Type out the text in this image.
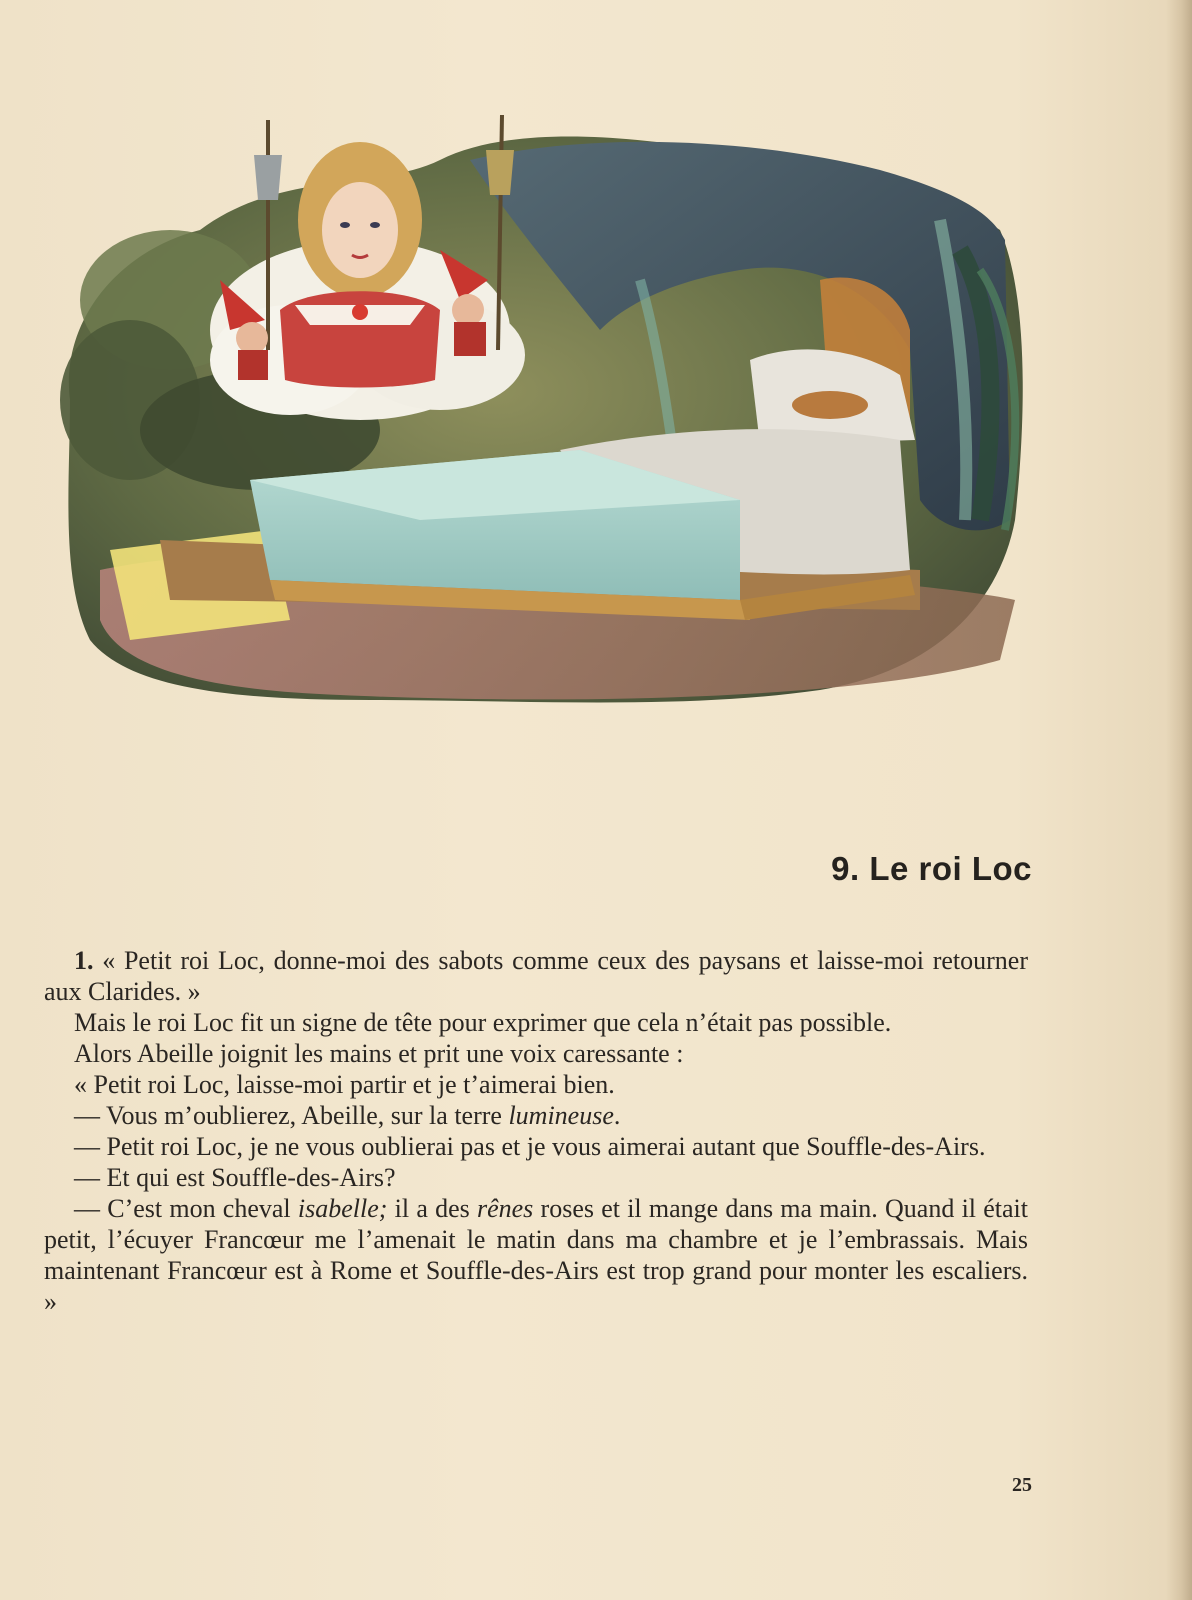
9. Le roi Loc

1. « Petit roi Loc, donne-moi des sabots comme ceux des paysans et laisse-moi retourner aux Clarides. »

Mais le roi Loc fit un signe de tête pour exprimer que cela n’était pas possible.

Alors Abeille joignit les mains et prit une voix caressante :

« Petit roi Loc, laisse-moi partir et je t’aimerai bien.

— Vous m’oublierez, Abeille, sur la terre lumineuse.

— Petit roi Loc, je ne vous oublierai pas et je vous aimerai autant que Souffle-des-Airs.

— Et qui est Souffle-des-Airs?

— C’est mon cheval isabelle; il a des rênes roses et il mange dans ma main. Quand il était petit, l’écuyer Francœur me l’amenait le matin dans ma chambre et je l’embrassais. Mais maintenant Francœur est à Rome et Souffle-des-Airs est trop grand pour monter les escaliers. »

25
